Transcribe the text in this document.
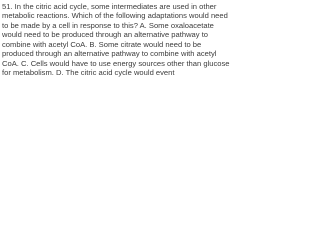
51. In the citric acid cycle, some intermediates are used in other metabolic reactions. Which of the following adaptations would need to be made by a cell in response to this? A. Some oxaloacetate would need to be produced through an alternative pathway to combine with acetyl CoA. B. Some citrate would need to be produced through an alternative pathway to combine with acetyl CoA. C. Cells would have to use energy sources other than glucose for metabolism. D. The citric acid cycle would event
